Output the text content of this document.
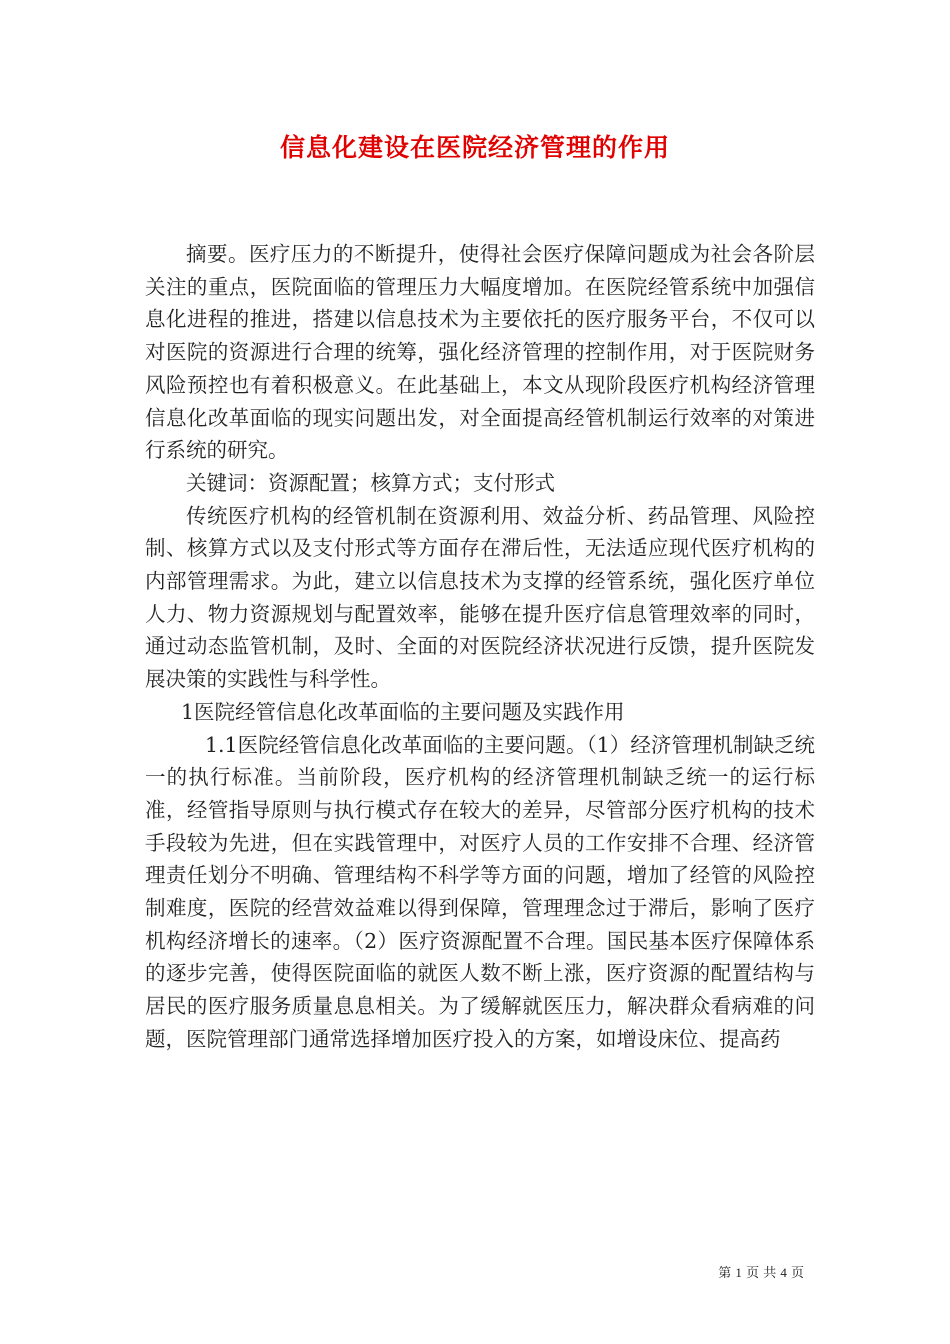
信息化建设在医院经济管理的作用

摘要。医疗压力的不断提升，使得社会医疗保障问题成为社会各阶层关注的重点，医院面临的管理压力大幅度增加。在医院经管系统中加强信息化进程的推进，搭建以信息技术为主要依托的医疗服务平台，不仅可以对医院的资源进行合理的统筹，强化经济管理的控制作用，对于医院财务风险预控也有着积极意义。在此基础上，本文从现阶段医疗机构经济管理信息化改革面临的现实问题出发，对全面提高经管机制运行效率的对策进行系统的研究。

关键词：资源配置；核算方式；支付形式

传统医疗机构的经管机制在资源利用、效益分析、药品管理、风险控制、核算方式以及支付形式等方面存在滞后性，无法适应现代医疗机构的内部管理需求。为此，建立以信息技术为支撑的经管系统，强化医疗单位人力、物力资源规划与配置效率，能够在提升医疗信息管理效率的同时，通过动态监管机制，及时、全面的对医院经济状况进行反馈，提升医院发展决策的实践性与科学性。

1医院经管信息化改革面临的主要问题及实践作用

1.1医院经管信息化改革面临的主要问题。（1）经济管理机制缺乏统一的执行标准。当前阶段，医疗机构的经济管理机制缺乏统一的运行标准，经管指导原则与执行模式存在较大的差异，尽管部分医疗机构的技术手段较为先进，但在实践管理中，对医疗人员的工作安排不合理、经济管理责任划分不明确、管理结构不科学等方面的问题，增加了经管的风险控制难度，医院的经营效益难以得到保障，管理理念过于滞后，影响了医疗机构经济增长的速率。（2）医疗资源配置不合理。国民基本医疗保障体系的逐步完善，使得医院面临的就医人数不断上涨，医疗资源的配置结构与居民的医疗服务质量息息相关。为了缓解就医压力，解决群众看病难的问题，医院管理部门通常选择增加医疗投入的方案，如增设床位、提高药

第 1 页 共 4 页
